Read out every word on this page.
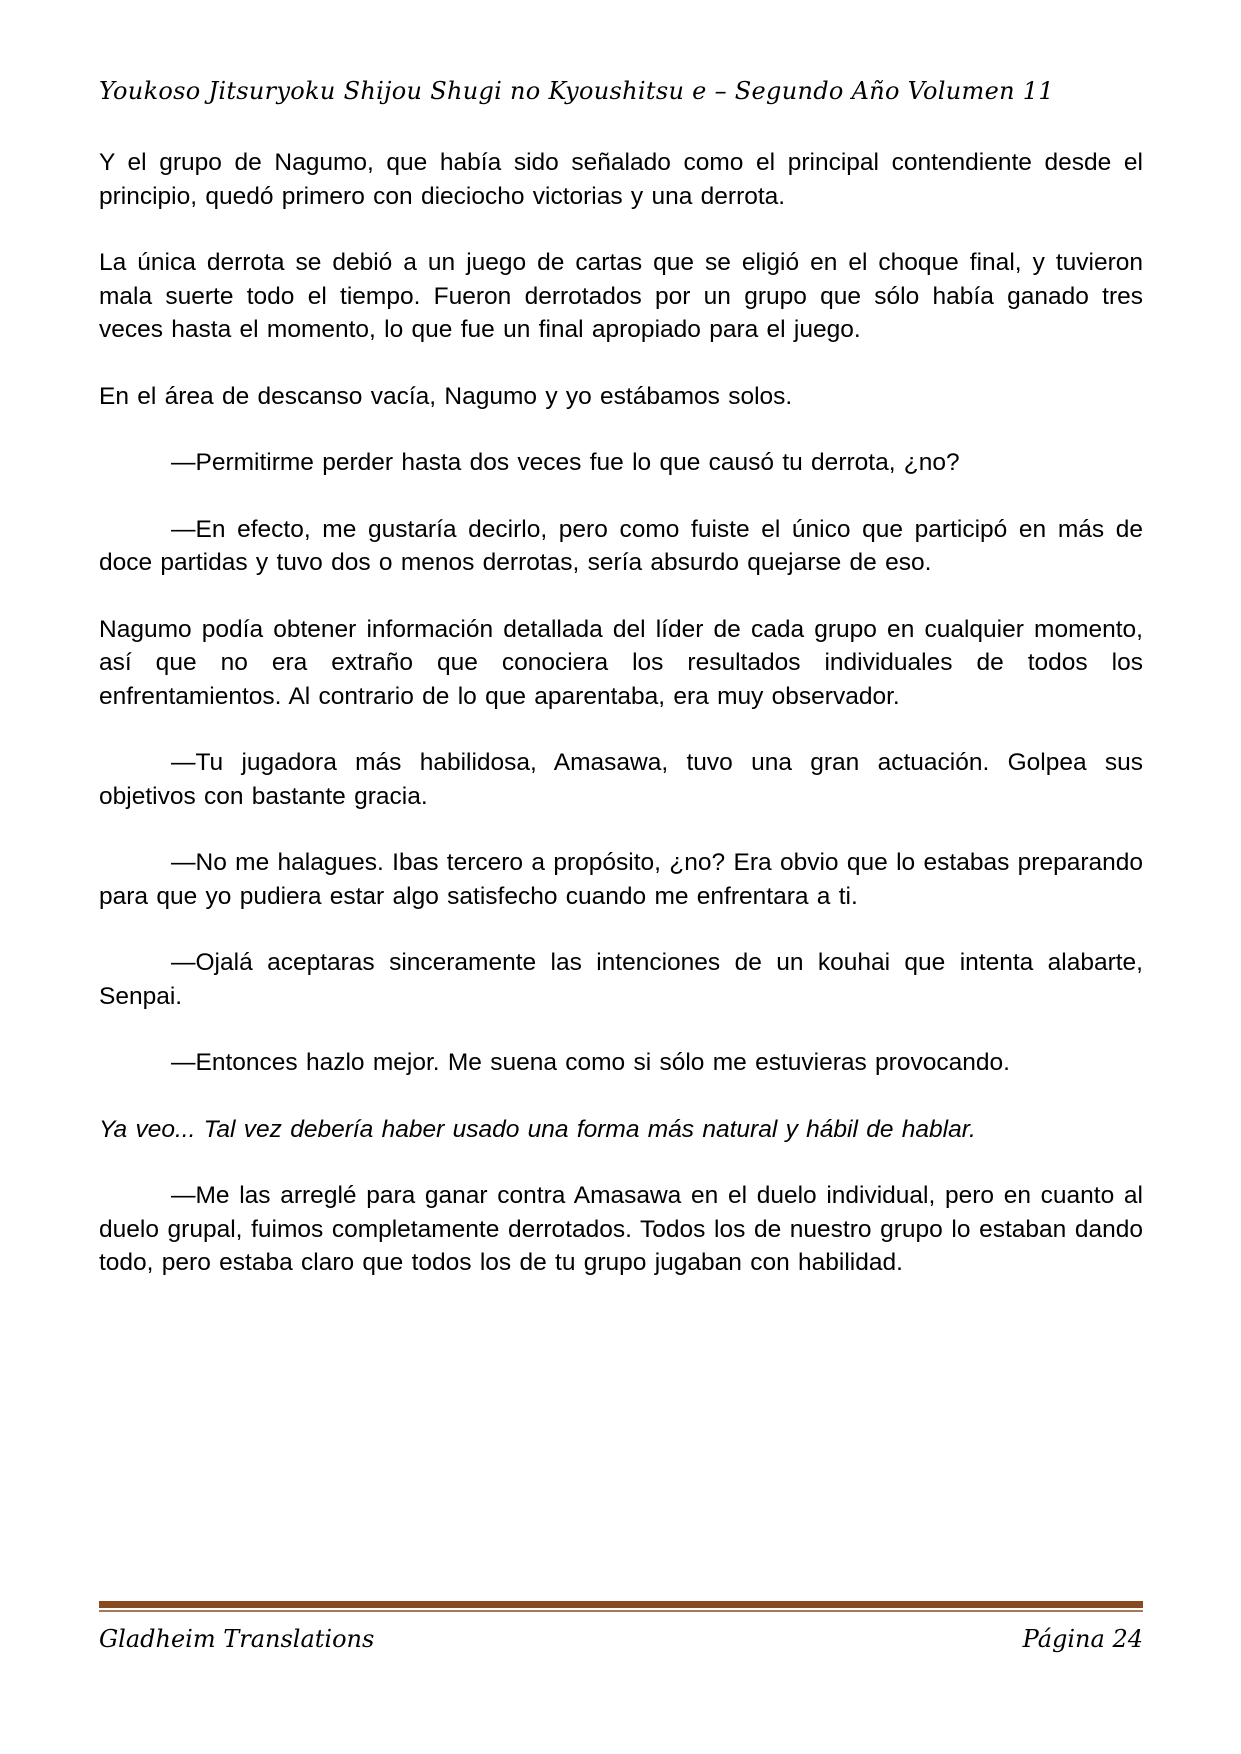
Youkoso Jitsuryoku Shijou Shugi no Kyoushitsu e – Segundo Año Volumen 11

Y el grupo de Nagumo, que había sido señalado como el principal contendiente desde el principio, quedó primero con dieciocho victorias y una derrota.

La única derrota se debió a un juego de cartas que se eligió en el choque final, y tuvieron mala suerte todo el tiempo. Fueron derrotados por un grupo que sólo había ganado tres veces hasta el momento, lo que fue un final apropiado para el juego.

En el área de descanso vacía, Nagumo y yo estábamos solos.

—Permitirme perder hasta dos veces fue lo que causó tu derrota, ¿no?

—En efecto, me gustaría decirlo, pero como fuiste el único que participó en más de doce partidas y tuvo dos o menos derrotas, sería absurdo quejarse de eso.

Nagumo podía obtener información detallada del líder de cada grupo en cualquier momento, así que no era extraño que conociera los resultados individuales de todos los enfrentamientos. Al contrario de lo que aparentaba, era muy observador.

—Tu jugadora más habilidosa, Amasawa, tuvo una gran actuación. Golpea sus objetivos con bastante gracia.

—No me halagues. Ibas tercero a propósito, ¿no? Era obvio que lo estabas preparando para que yo pudiera estar algo satisfecho cuando me enfrentara a ti.

—Ojalá aceptaras sinceramente las intenciones de un kouhai que intenta alabarte, Senpai.

—Entonces hazlo mejor. Me suena como si sólo me estuvieras provocando.

Ya veo... Tal vez debería haber usado una forma más natural y hábil de hablar.

—Me las arreglé para ganar contra Amasawa en el duelo individual, pero en cuanto al duelo grupal, fuimos completamente derrotados. Todos los de nuestro grupo lo estaban dando todo, pero estaba claro que todos los de tu grupo jugaban con habilidad.

Gladheim Translations	Página 24
